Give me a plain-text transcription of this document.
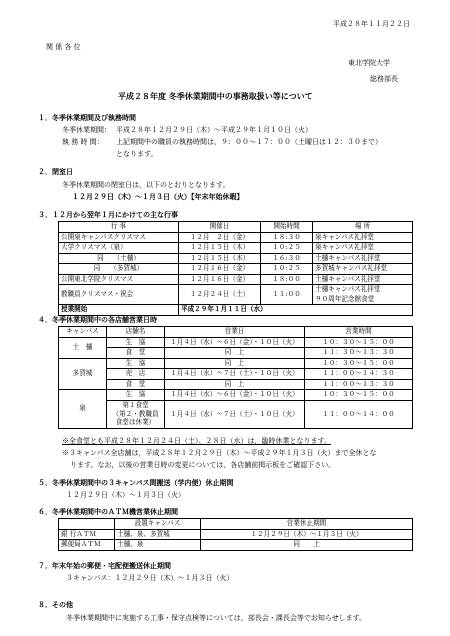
平成２８年１１月２２日
関 係 各 位
東北学院大学
総務部長
平成２８年度 冬季休業期間中の事務取扱い等について
１．冬季休業期間及び執務時間
冬季休業期間： 平成２８年１２月２９日（木）～平成２９年１月１０日（火）
執 務 時 間： 上記期間中の職員の執務時間は，９：００～１７：００（土曜日は１２：３０まで）
となります。
２．閉室日
冬季休業期間の閉室日は，以下のとおりとなります。
１２月２９日（木）～１月３日（火）【年末年始休暇】
３．１２月から翌年１月にかけての主な行事
行 事	開催日	開始時間	場 所
公開泉キャンパスクリスマス	１２月　２日（金）	１８:３０	泉キャンパス礼拝堂
大学クリスマス（泉）	１２月１５日（木）	１０:２５	泉キャンパス礼拝堂
同　　（土樋）	１２月１５日（木）	１６:３０	土樋キャンパス礼拝堂
同　　（多賀城）	１２月１６日（金）	１０:２５	多賀城キャンパス礼拝堂
公開東北学院クリスマス	１２月１６日（金）	１８:００	土樋キャンパス礼拝堂
教職員クリスマス・祝会	１２月２４日（土）	１１:００	土樋キャンパス礼拝堂
９０周年記念館食堂

授業開始	平成２９年１月１１日（水）		
４．冬季休業期間中の各店舗営業日時
キャンパス	店舗名	営業日	営業時間
土　樋	生　協	１月４日（水）～６日（金）・１０日（火）	１０：３０～１５：００
	食　堂	同　上	１１：３０～１３：３０
多賀城	生　協	同　上	１０：３０～１５：００
	売　店	１月４日（水）～７日（土）・１０日（火）	１１：００～１４：３０
	食　堂	同　上	１１：００～１３：３０
泉	生　協	１月４日（水）～６日（金）・１０日（火）	１０：３０～１５：００

	第１食堂
（第２・教職員
食堂は休業）	１月４日（水）～７日（土）・１０日（火）	１１：００～１４：００
※全食堂とも平成２８年１２月２４日（土）、２８日（水）は，臨時休業となります。
※３キャンパス全店舗は，平成２８年１２月２９日（木）～平成２９年１月３日（火）まで全休とな
ります。なお，以後の営業日時の変更については，各店舗前掲示板をご確認下さい。
５．冬季休業期間中の３キャンパス間搬送（学内便）休止期間
１２月２９日（木）～１月３日（火）
６．冬季休業期間中のＡＴＭ機営業休止期間
	設置キャンパス	営業休止期間
銀 行ＡＴＭ	土樋、泉、多賀城	１２月２９日（木）～１月３日（火）
郵便局ＡＴＭ	土樋、泉	同　　上
７．年末年始の郵便・宅配便搬送休止期間
３キャンパス：１２月２９日（木）～１月３日（火）
８．その他
冬季休業期間中に実施する工事・保守点検等については，部長会・課長会等でお知らせします。
